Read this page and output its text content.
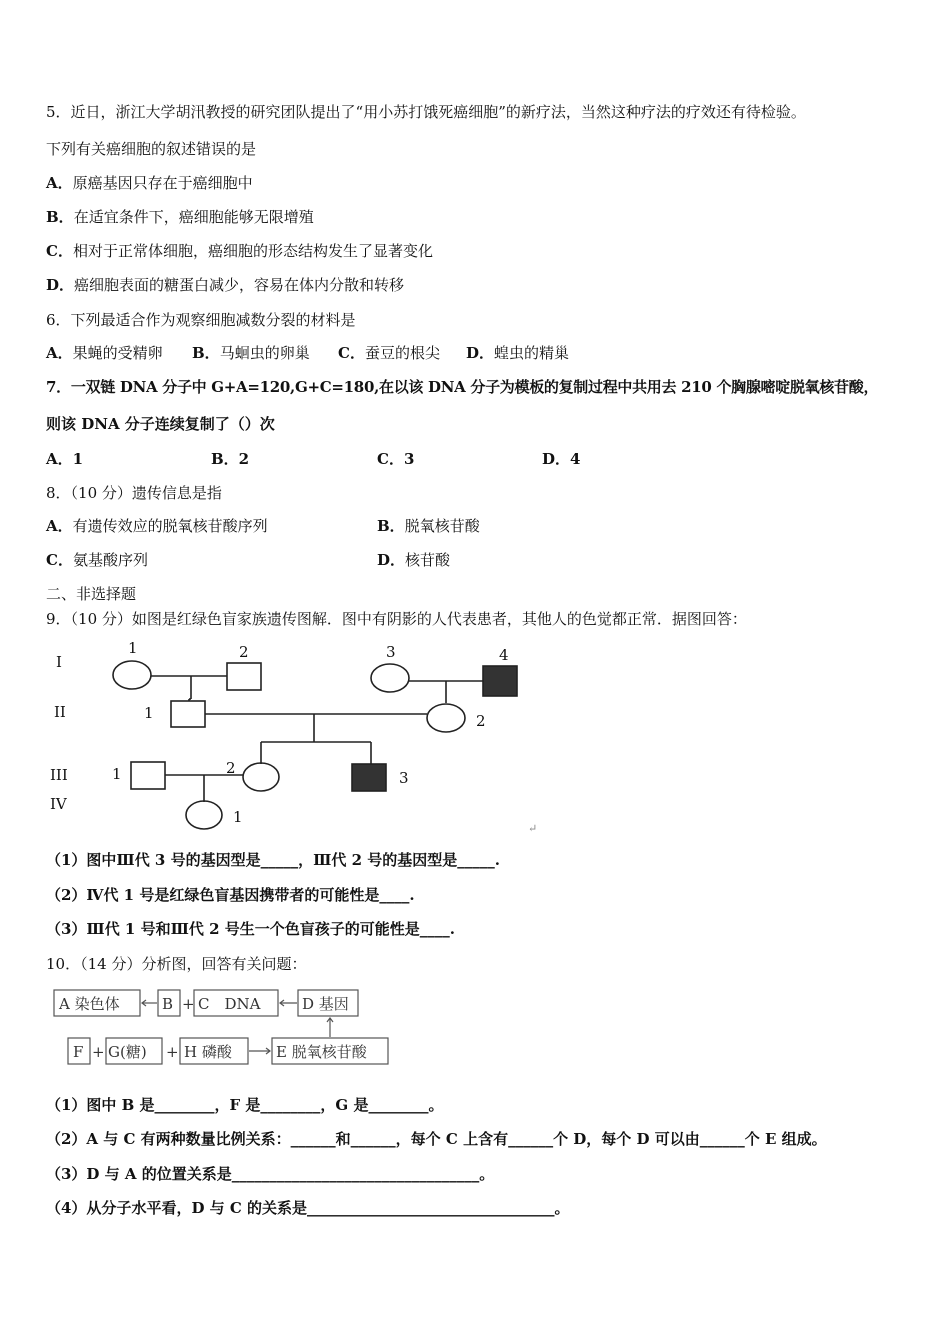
5．近日，浙江大学胡汛教授的研究团队提出了“用小苏打饿死癌细胞”的新疗法，当然这种疗法的疗效还有待检验。
下列有关癌细胞的叙述错误的是
A．原癌基因只存在于癌细胞中
B．在适宜条件下，癌细胞能够无限增殖
C．相对于正常体细胞，癌细胞的形态结构发生了显著变化
D．癌细胞表面的糖蛋白减少，容易在体内分散和转移
6．下列最适合作为观察细胞减数分裂的材料是
A．果蝇的受精卵 B．马蛔虫的卵巢 C．蚕豆的根尖 D．蝗虫的精巢
7．一双链 DNA 分子中 G+A=120,G+C=180,在以该 DNA 分子为模板的复制过程中共用去 210 个胸腺嘧啶脱氧核苷酸，
则该 DNA 分子连续复制了（）次
A．1	B．2	C．3	D．4
8．（10 分）遗传信息是指
A．有遗传效应的脱氧核苷酸序列	B．脱氧核苷酸
C．氨基酸序列	D．核苷酸
二、非选择题
9．（10 分）如图是红绿色盲家族遗传图解．图中有阴影的人代表患者，其他人的色觉都正常．据图回答：
I
II
III
IV
1	2	3	4
1	2
1	2
3
1
↵
（1）图中Ⅲ代 3 号的基因型是_____，Ⅲ代 2 号的基因型是_____.
（2）Ⅳ代 1 号是红绿色盲基因携带者的可能性是____.
（3）Ⅲ代 1 号和Ⅲ代 2 号生一个色盲孩子的可能性是____.
10．（14 分）分析图，回答有关问题：
A 染色体	B + C　DNA	D 基因
F + G(糖) + H 磷酸	E 脱氧核苷酸
（1）图中 B 是________，F 是________，G 是________。
（2）A 与 C 有两种数量比例关系：______和______，每个 C 上含有______个 D，每个 D 可以由______个 E 组成。
（3）D 与 A 的位置关系是_________________________________。
（4）从分子水平看，D 与 C 的关系是_________________________________。
